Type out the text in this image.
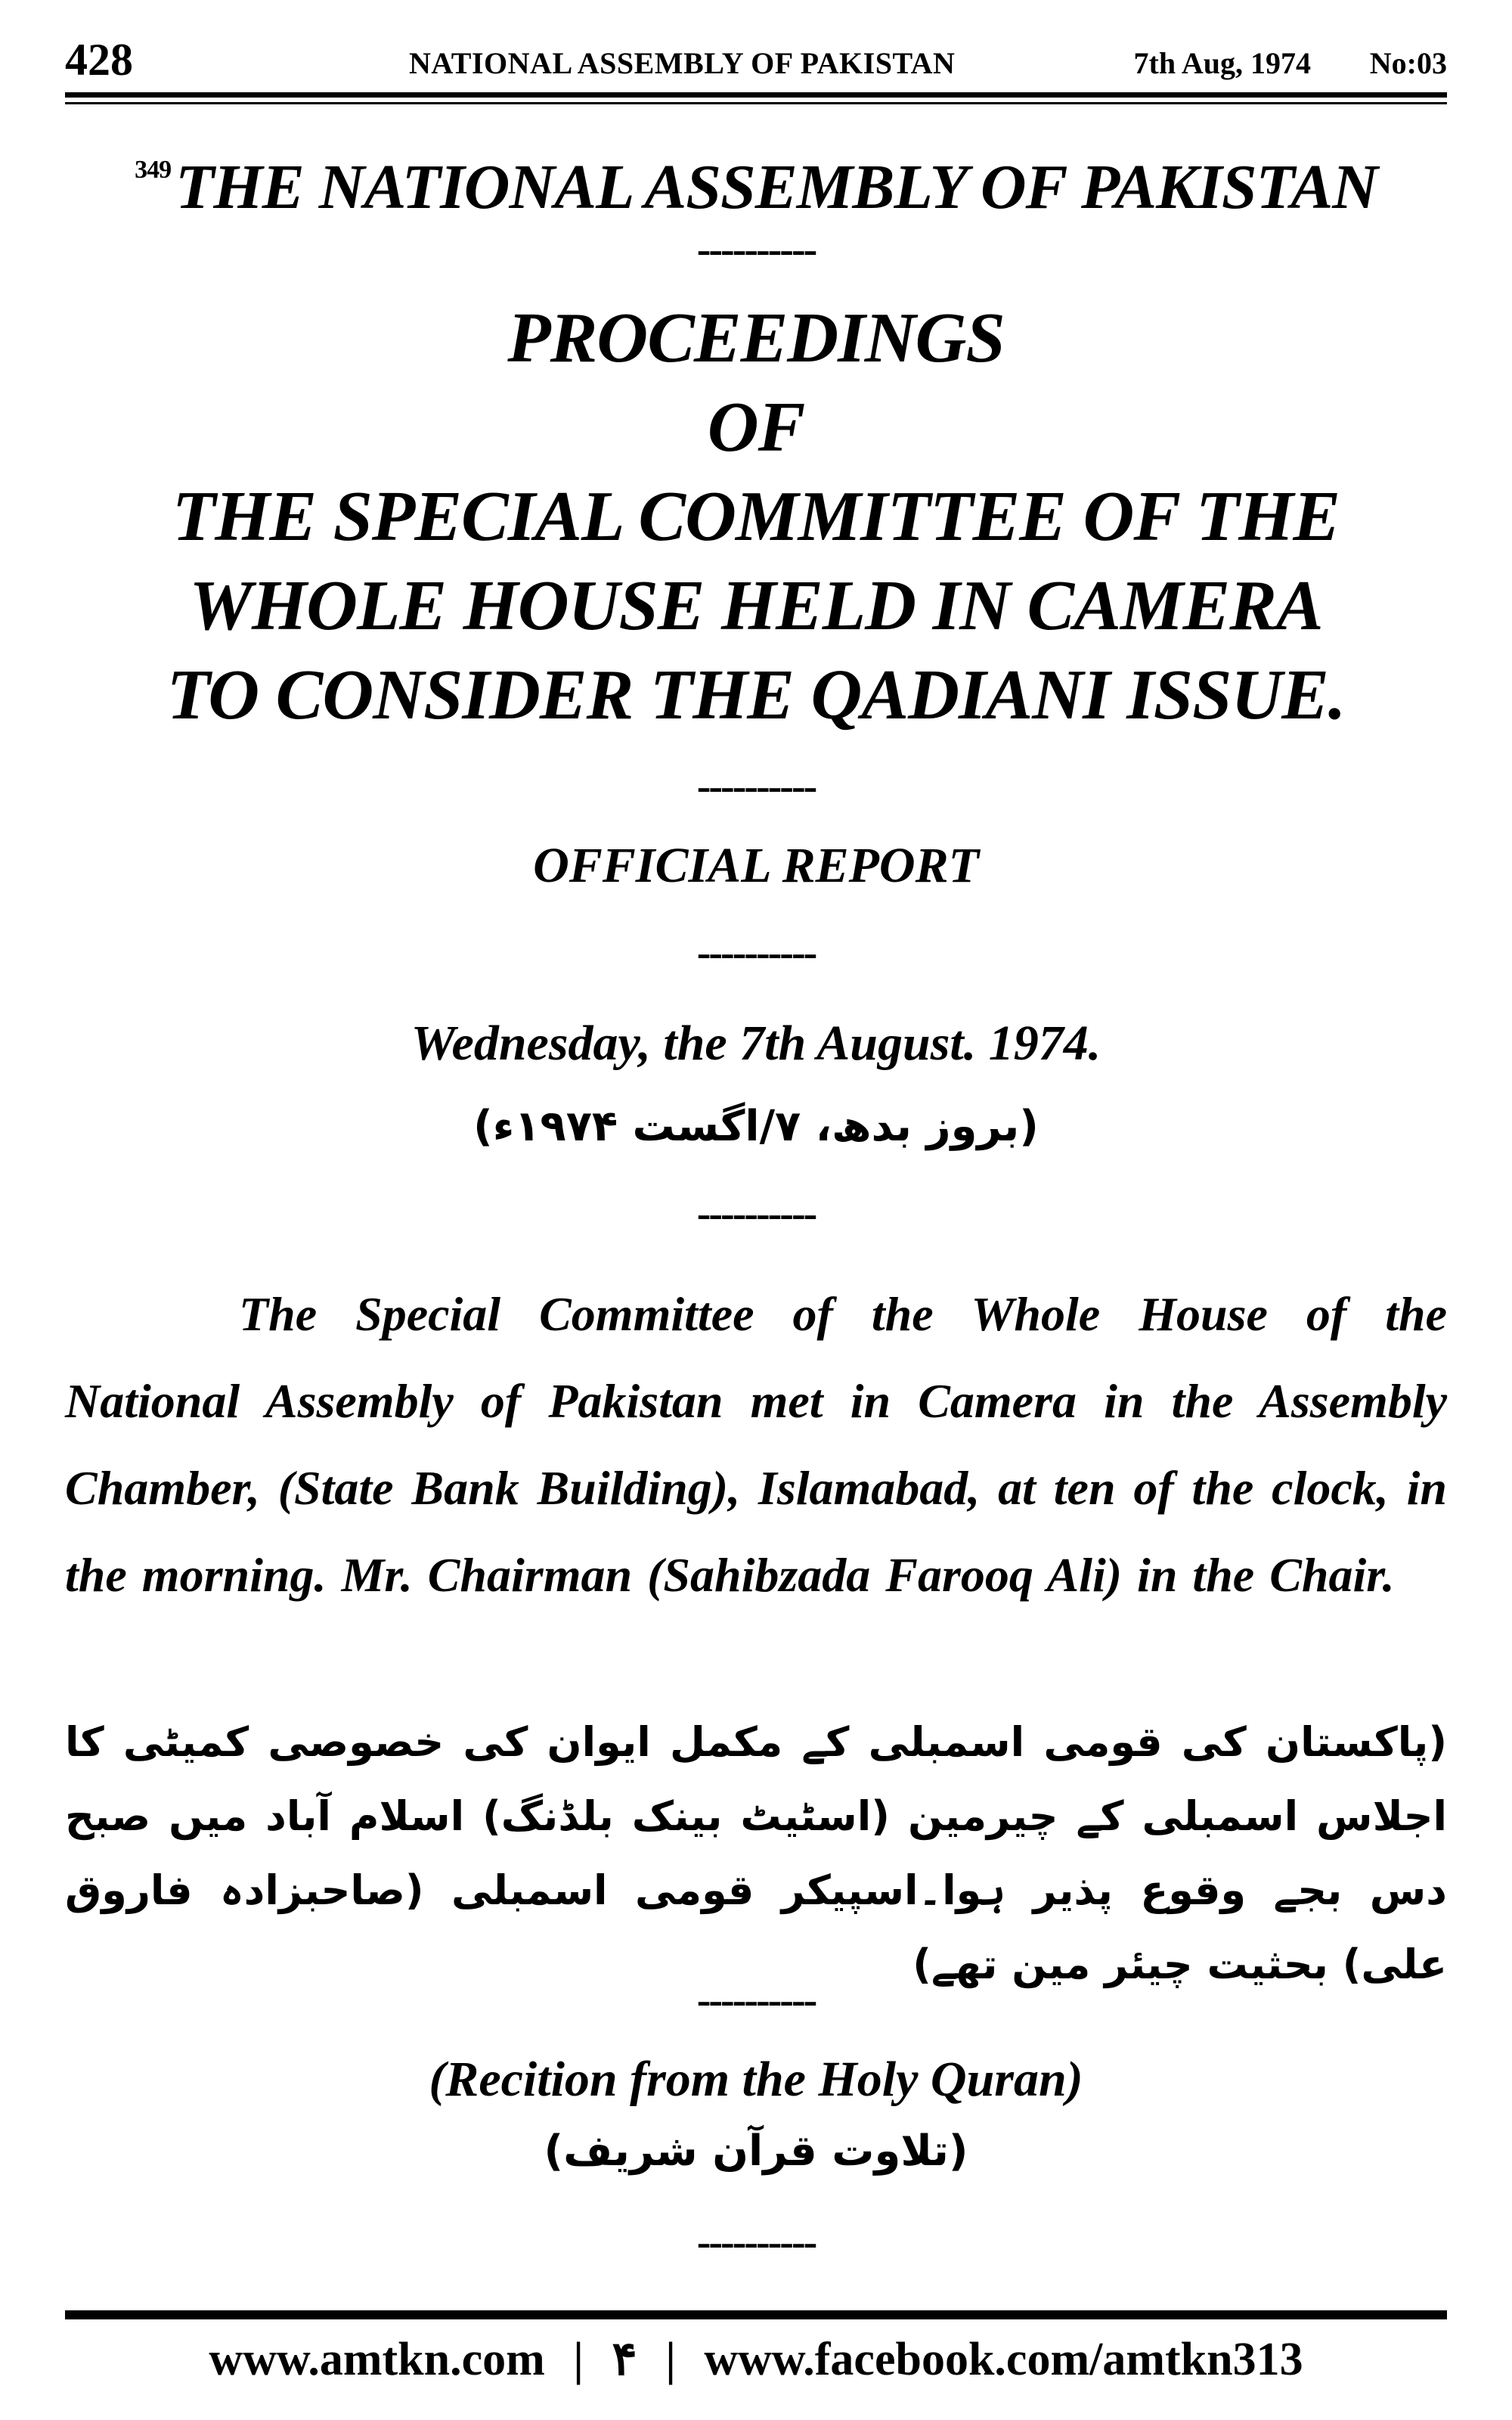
428	NATIONAL ASSEMBLY OF PAKISTAN	7th Aug, 1974 No:03
$^{349}$THE NATIONAL ASSEMBLY OF PAKISTAN
----------
PROCEEDINGS
OF
THE SPECIAL COMMITTEE OF THE
WHOLE HOUSE HELD IN CAMERA
TO CONSIDER THE QADIANI ISSUE.
----------
OFFICIAL REPORT
----------
Wednesday, the 7th August. 1974.
(بروز بدھ، ۷/اگست ۱۹۷۴ء)
----------
The Special Committee of the Whole House of the National Assembly of Pakistan met in Camera in the Assembly Chamber, (State Bank Building), Islamabad, at ten of the clock, in the morning. Mr. Chairman (Sahibzada Farooq Ali) in the Chair.
(پاکستان کی قومی اسمبلی کے مکمل ایوان کی خصوصی کمیٹی کا اجلاس اسمبلی کے چیرمین (اسٹیٹ بینک بلڈنگ) اسلام آباد میں صبح دس بجے وقوع پذیر ہوا۔اسپیکر قومی اسمبلی (صاحبزادہ فاروق علی) بحثیت چیئر مین تھے)
----------
(Recition from the Holy Quran)
(تلاوت قرآن شریف)
----------
www.amtkn.com | ۴ | www.facebook.com/amtkn313
